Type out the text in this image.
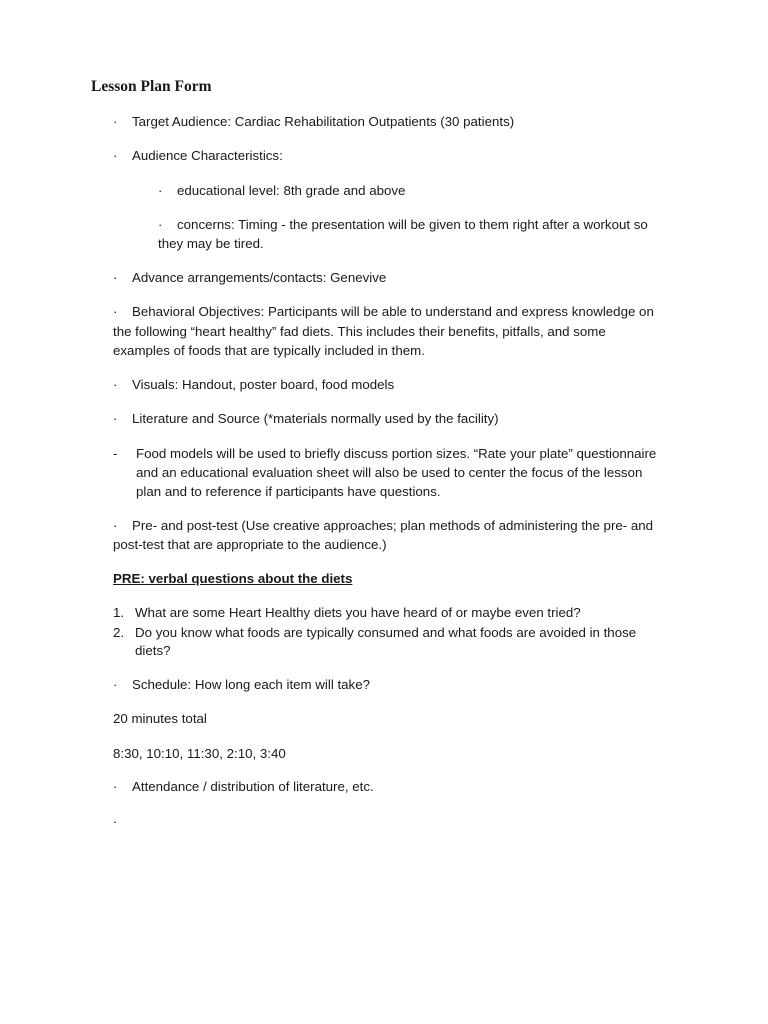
Lesson Plan Form
· Target Audience: Cardiac Rehabilitation Outpatients (30 patients)
· Audience Characteristics:
· educational level: 8th grade and above
· concerns: Timing - the presentation will be given to them right after a workout so
they may be tired.
· Advance arrangements/contacts: Genevive
· Behavioral Objectives: Participants will be able to understand and express knowledge on
the following “heart healthy” fad diets. This includes their benefits, pitfalls, and some
examples of foods that are typically included in them.
· Visuals: Handout, poster board, food models
· Literature and Source (*materials normally used by the facility)
- Food models will be used to briefly discuss portion sizes. “Rate your plate” questionnaire
and an educational evaluation sheet will also be used to center the focus of the lesson
plan and to reference if participants have questions.
· Pre- and post-test (Use creative approaches; plan methods of administering the pre- and
post-test that are appropriate to the audience.)
PRE: verbal questions about the diets
1. What are some Heart Healthy diets you have heard of or maybe even tried?
2. Do you know what foods are typically consumed and what foods are avoided in those
diets?
· Schedule: How long each item will take?
20 minutes total
8:30, 10:10, 11:30, 2:10, 3:40
· Attendance / distribution of literature, etc.
.
